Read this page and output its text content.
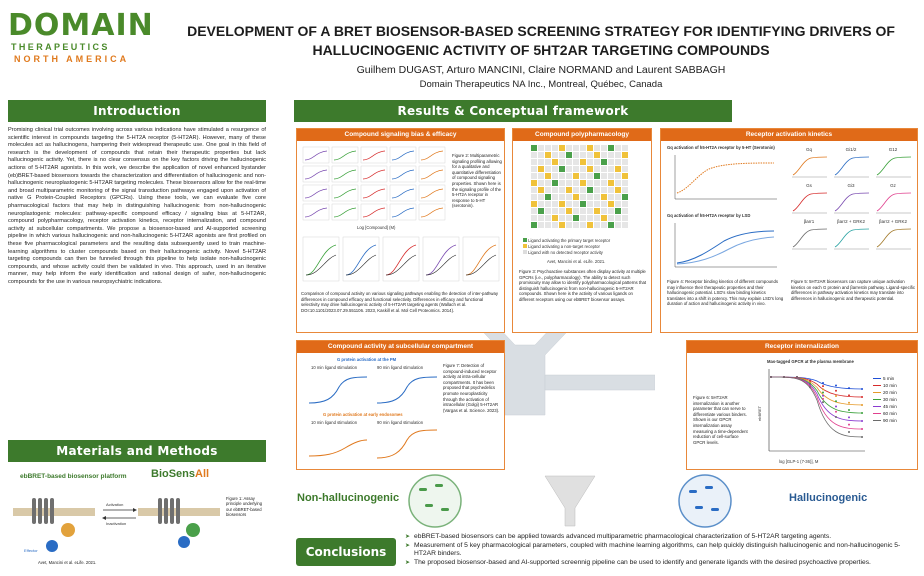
DOMAIN
THERAPEUTICS
NORTH AMERICA
DEVELOPMENT OF A BRET BIOSENSOR-BASED SCREENING STRATEGY FOR IDENTIFYING DRIVERS OF HALLUCINOGENIC ACTIVITY OF 5HT2AR TARGETING COMPOUNDS
Guilhem DUGAST, Arturo MANCINI, Claire NORMAND and Laurent SABBAGH
Domain Therapeutics NA Inc., Montreal, Québec, Canada
Introduction
Promising clinical trial outcomes involving across various indications have stimulated a resurgence of scientific interest in compounds targeting the 5-HT2A receptor (5-HT2AR). However, many of these molecules act as hallucinogens, hampering their widespread therapeutic use. One goal in this field of research is the development of compounds that retain their therapeutic properties but lack hallucinogenic activity. Yet, there is no clear consensus on the key factors driving the hallucinogenic actions of 5-HT2AR agonists. In this work, we describe the application of novel enhanced bystander (eb)BRET-based biosensors towards the characterization and differentiation of hallucinogenic and non-hallucinogenic neuroplastogenic 5-HT2AR targeting molecules. These biosensors allow for the real-time and broad multiparametric monitoring of the signal transduction pathways engaged upon activation of native G Protein-Coupled Receptors (GPCRs). Using these tools, we can evaluate five core pharmacological factors that may help in distinguishing hallucinogenic from non-hallucinogenic neuroplastogenic molecules: pathway-specific compound efficacy / signaling bias at 5-HT2AR, compound polypharmacology, receptor activation kinetics, receptor internalization, and compound activity at subcellular compartments. We propose a biosensor-based and AI-supported screening pipeline in which various hallucinogenic and non-hallucinogenic 5-HT2AR agonists are first profiled on these five pharmacological parameters and the resulting data subsequently used to train machine-learning algorithms to cluster compounds based on their hallucinogenic activity. Novel 5-HT2AR targeting compounds can then be funneled through this pipeline to help isolate non-hallucinogenic compounds, and whose activity could then be validated in vivo. This approach, used in an iterative manner, may help inform the early identification and rational design of safer, non-hallucinogenic compounds for the use in various neuropsychiatric indications.
Materials and Methods
ebBRET-based biosensor platform BioSensAll
Activation
Inactivation
Effector
Figure 1: Assay principle underlying our ebBRET-based biosensors
Avet, Mancini et al. eLife. 2021.
Results & Conceptual framework
Compound signaling bias & efficacy
Log [Compound] (M)
Figure 2: Multiparametric signaling profiling allowing for a qualitative and quantitative differentiation of compound signaling properties. Shown here is the signaling profile of the 5-HT2A receptor in response to 5-HT (serotonin).
Comparison of compound activity on various signaling pathways enabling the detection of inter-pathway differences in compound efficacy and functional selectivity. Differences in efficacy and functional selectivity may drive hallucinogenic activity of 5-HT2AR targeting agents (Wallach et al. DOI:10.1101/2023.07.29.551106. 2023, Kaskill et al. Mol Cell Proteomics. 2014).
Compound polypharmacology
Ligand activating the primary target receptor
Ligand activating a non-target receptor
Ligand with no detected receptor activity
Avet, Mancini et al. eLife. 2021.
Figure 3: Psychoactive substances often display activity at multiple GPCRs (i.e., polypharmacology). The ability to detect such promiscuity may allow to identify polypharmacological patterns that distinguish hallucinogenic from non-hallucinogenic 5-HT2AR compounds. Shown here is the activity of various ligands on different receptors using our ebBRET biosensor assays.
Receptor activation kinetics
Gq activation of h5-HT2A receptor by 5-HT (Serotonin)
Gq activation of h5-HT2A receptor by LSD
Gq	Gi1/2	G12
Gs	Gi3	Gz
βarr1	βarr2 + GRK2	βarr2 + GRK2
Figure 4: Receptor binding kinetics of different compounds may influence their therapeutic properties and their hallucinogenic potential. LSD's slow binding kinetics translates into a shift in potency. This may explain LSD's long duration of action and hallucinogenic activity in vivo.
Figure 5: 5HT2AR biosensors can capture unique activation kinetics on each G protein and βarrestin pathway. Ligand-specific differences in pathway activation kinetics may translate into differences in hallucinogenic and therapeutic potential.
Compound activity at subcellular compartment
G protein activation at the PM
10 min ligand stimulation	90 min ligand stimulation
G protein activation at early endosomes
10 min ligand stimulation	90 min ligand stimulation
Figure 7: Detection of compound-induced receptor activity at intra-cellular compartments. It has been proposed that psychedelics promote neuroplasticity through the activation of intracellular (Golgi) 5-HT2AR (Vargas et al. Science. 2023).
Receptor internalization
Figure 6: 5HT2AR internalization is another parameter that can serve to differentiate various binders. Shown is our GPCR internalization assay measuring a time-dependent reduction of cell-surface GPCR levels.
Mas-tagged GPCR at the plasma membrane
ebBRET
log [GLP-1 (7-36)], M
5 min
10 min
20 min
30 min
45 min
60 min
90 min
Non-hallucinogenic	Hallucinogenic
Conclusions
➤ ebBRET-based biosensors can be applied towards advanced multiparametric pharmacological characterization of 5-HT2AR targeting agents.
➤ Measurement of 5 key pharmacological parameters, coupled with machine learning algorithms, can help quickly distinguish hallucinogenic and non-hallucinogenic 5-HT2AR binders.
➤ The proposed biosensor-based and AI-supported screennig pipeline can be used to identify and generate ligands with the desired psychoactive properties.
